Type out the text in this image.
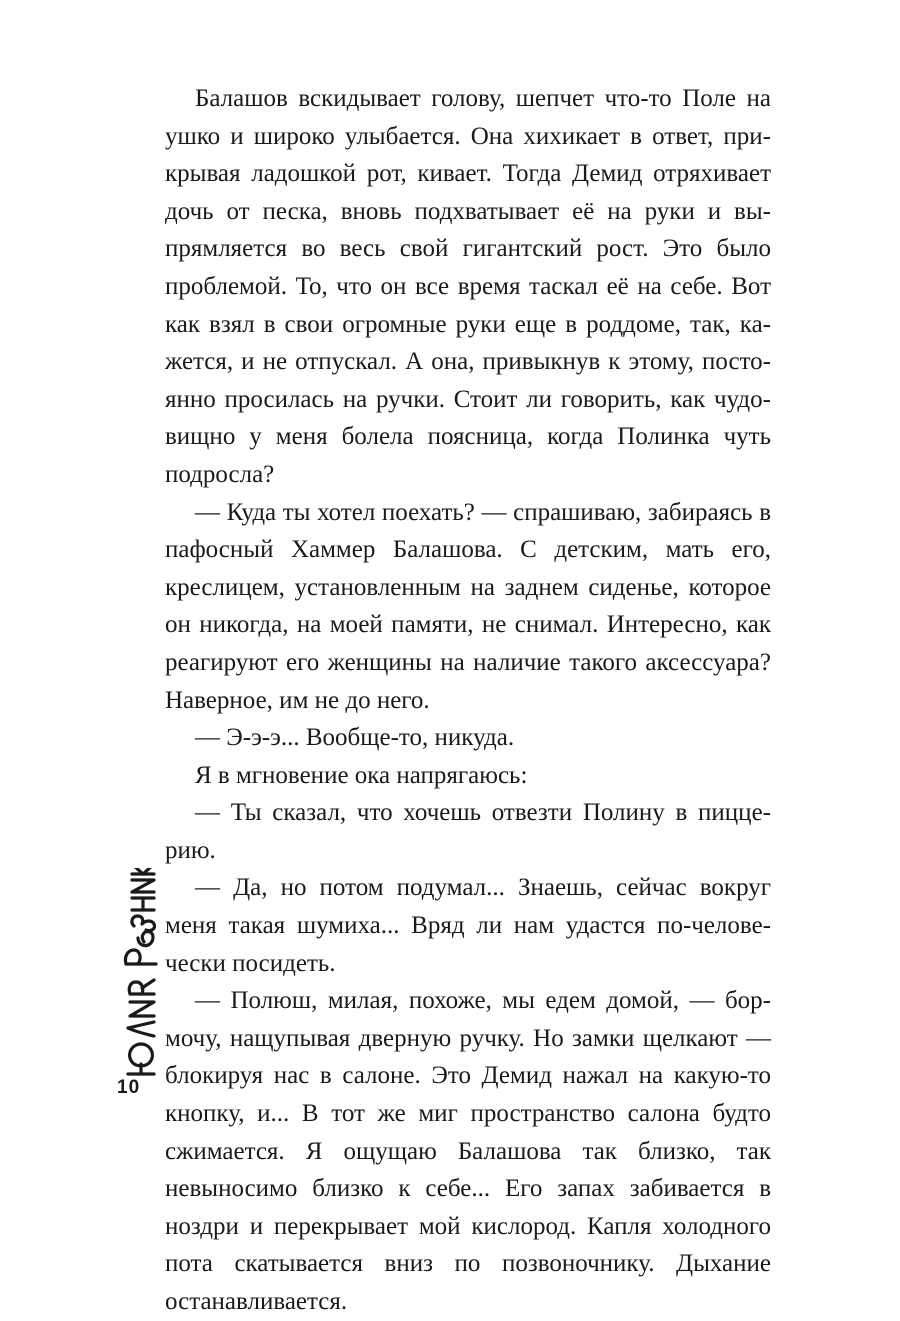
Балашов вскидывает голову, шепчет что-то Поле на ушко и широко улыбается. Она хихикает в ответ, прикрывая ладошкой рот, кивает. Тогда Демид отряхивает дочь от песка, вновь подхватывает её на руки и выпрямляется во весь свой гигантский рост. Это было проблемой. То, что он все время таскал её на себе. Вот как взял в свои огромные руки еще в роддоме, так, кажется, и не отпускал. А она, привыкнув к этому, постоянно просилась на ручки. Стоит ли говорить, как чудовищно у меня болела поясница, когда Полинка чуть подросла?

— Куда ты хотел поехать? — спрашиваю, забираясь в пафосный Хаммер Балашова. С детским, мать его, креслицем, установленным на заднем сиденье, которое он никогда, на моей памяти, не снимал. Интересно, как реагируют его женщины на наличие такого аксессуара? Наверное, им не до него.

— Э-э-э... Вообще-то, никуда.

Я в мгновение ока напрягаюсь:

— Ты сказал, что хочешь отвезти Полину в пиццерию.

— Да, но потом подумал... Знаешь, сейчас вокруг меня такая шумиха... Вряд ли нам удастся по-человечески посидеть.

— Полюш, милая, похоже, мы едем домой, — бормочу, нащупывая дверную ручку. Но замки щелкают — блокируя нас в салоне. Это Демид нажал на какую-то кнопку, и... В тот же миг пространство салона будто сжимается. Я ощущаю Балашова так близко, так невыносимо близко к себе... Его запах забивается в ноздри и перекрывает мой кислород. Капля холодного пота скатывается вниз по позвоночнику. Дыхание останавливается.

10
